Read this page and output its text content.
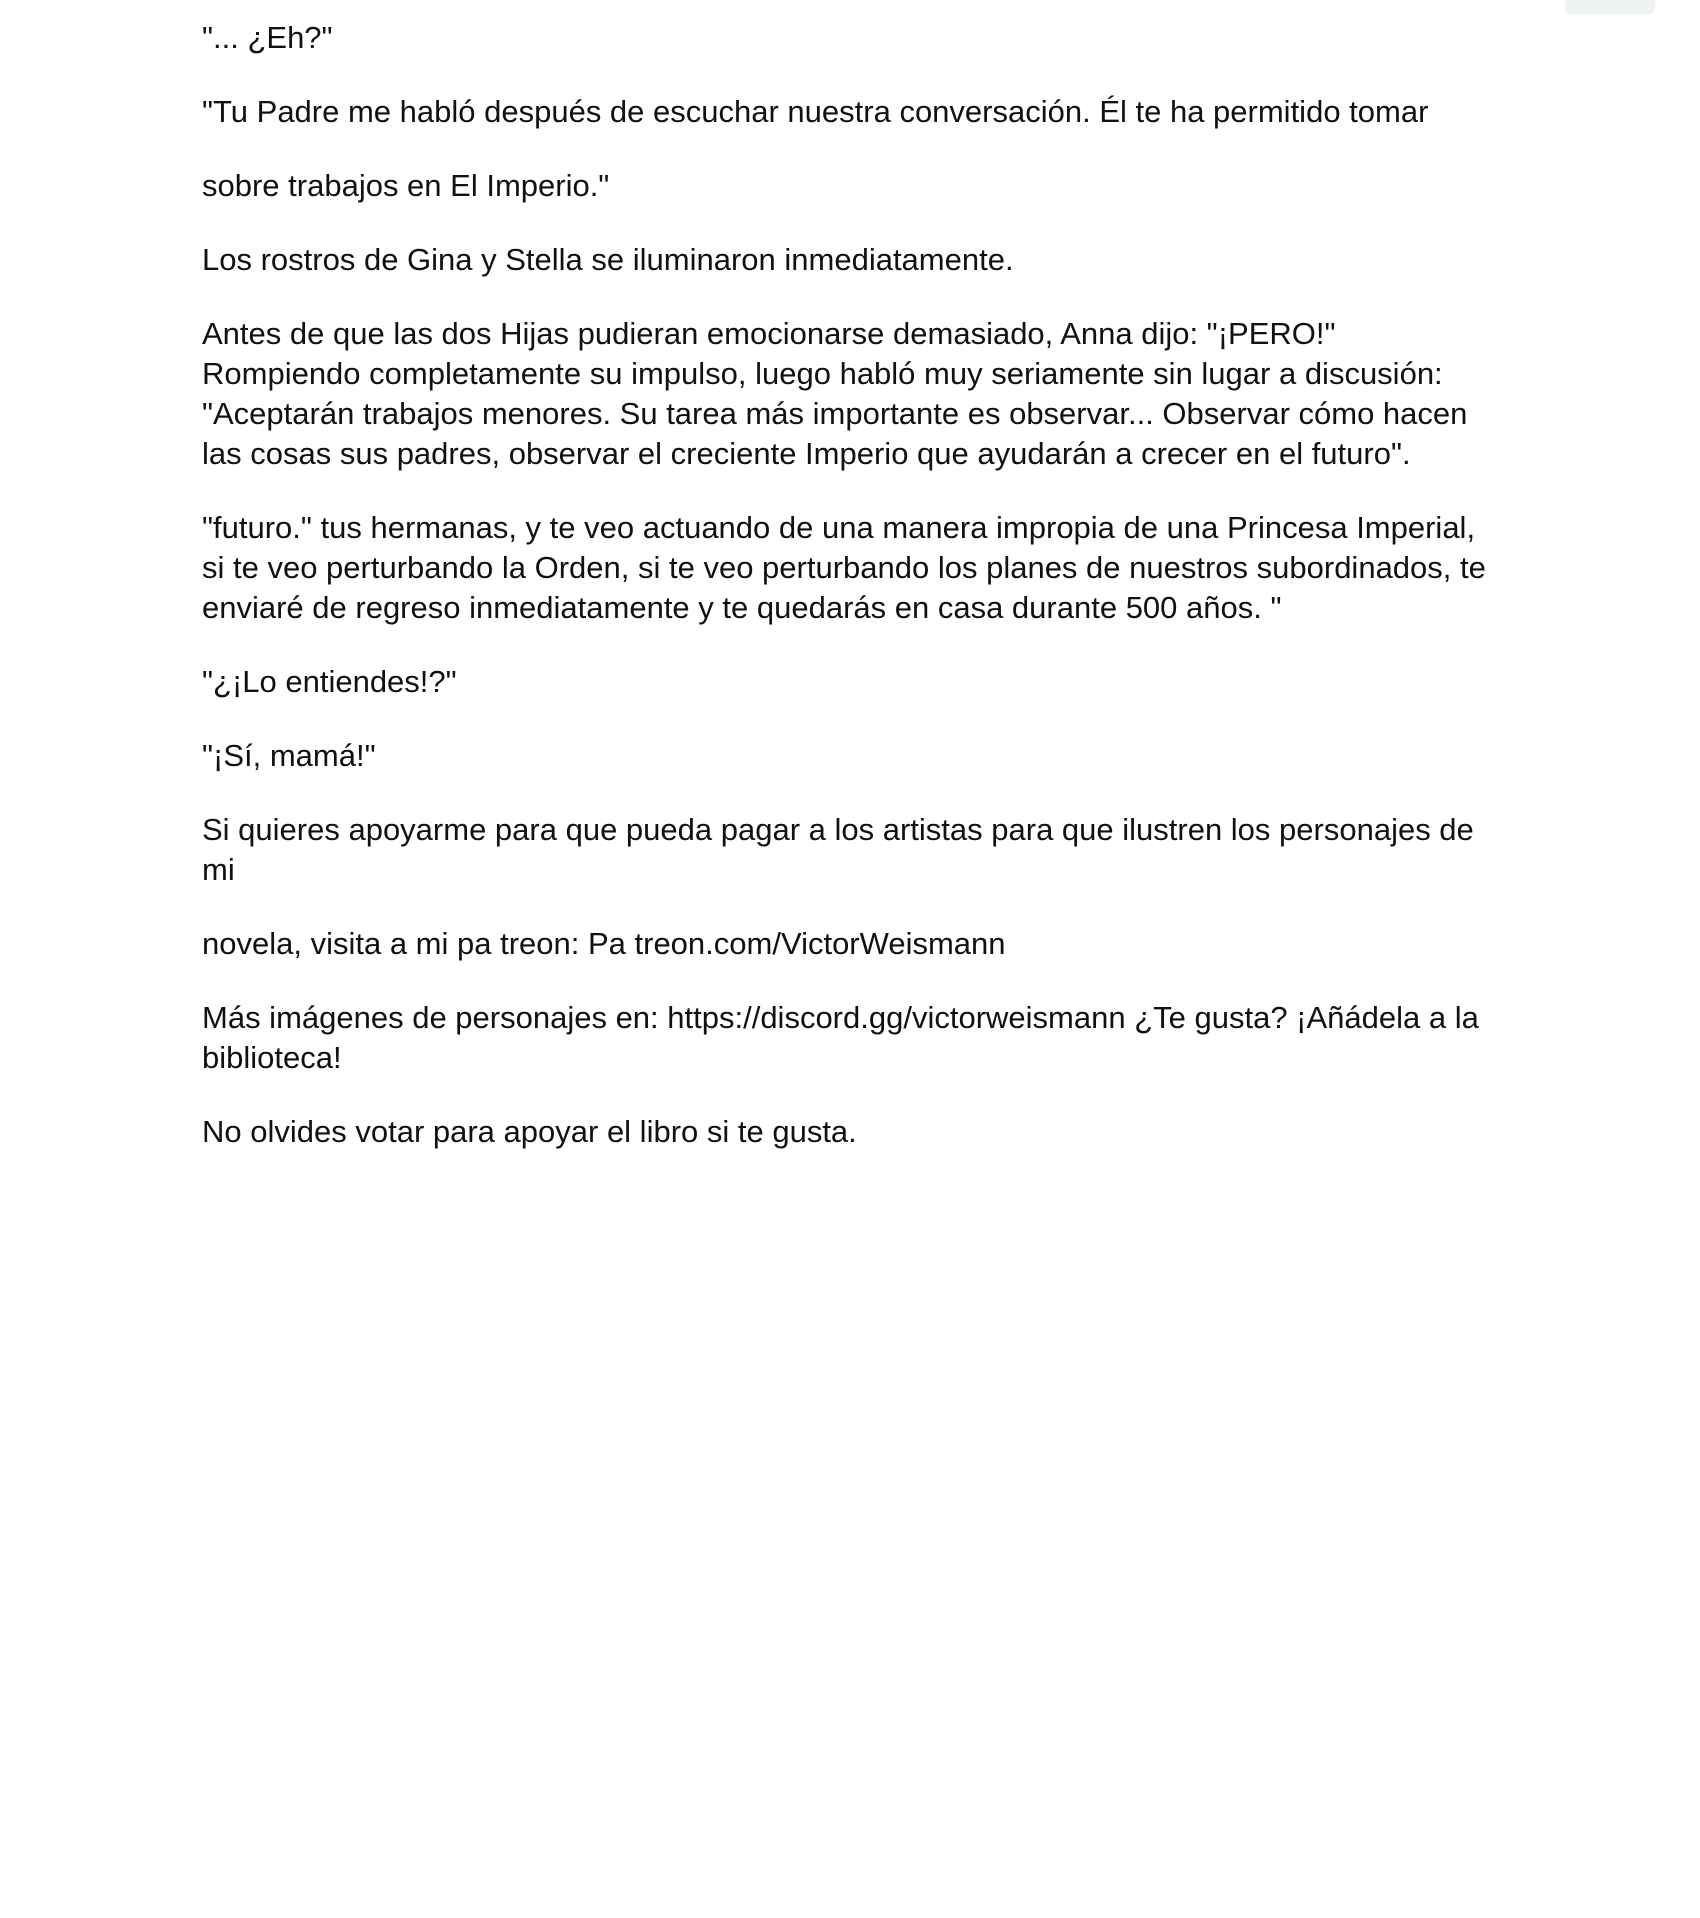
"... ¿Eh?"

"Tu Padre me habló después de escuchar nuestra conversación. Él te ha permitido tomar

sobre trabajos en El Imperio."

Los rostros de Gina y Stella se iluminaron inmediatamente.

Antes de que las dos Hijas pudieran emocionarse demasiado, Anna dijo: "¡PERO!" Rompiendo completamente su impulso, luego habló muy seriamente sin lugar a discusión: "Aceptarán trabajos menores. Su tarea más importante es observar... Observar cómo hacen las cosas sus padres, observar el creciente Imperio que ayudarán a crecer en el futuro".

"futuro." tus hermanas, y te veo actuando de una manera impropia de una Princesa Imperial, si te veo perturbando la Orden, si te veo perturbando los planes de nuestros subordinados, te enviaré de regreso inmediatamente y te quedarás en casa durante 500 años. "

"¿¡Lo entiendes!?"

"¡Sí, mamá!"

Si quieres apoyarme para que pueda pagar a los artistas para que ilustren los personajes de mi

novela, visita a mi pa treon: Pa treon.com/VictorWeismann

Más imágenes de personajes en: https://discord.gg/victorweismann ¿Te gusta? ¡Añádela a la biblioteca!

No olvides votar para apoyar el libro si te gusta.
